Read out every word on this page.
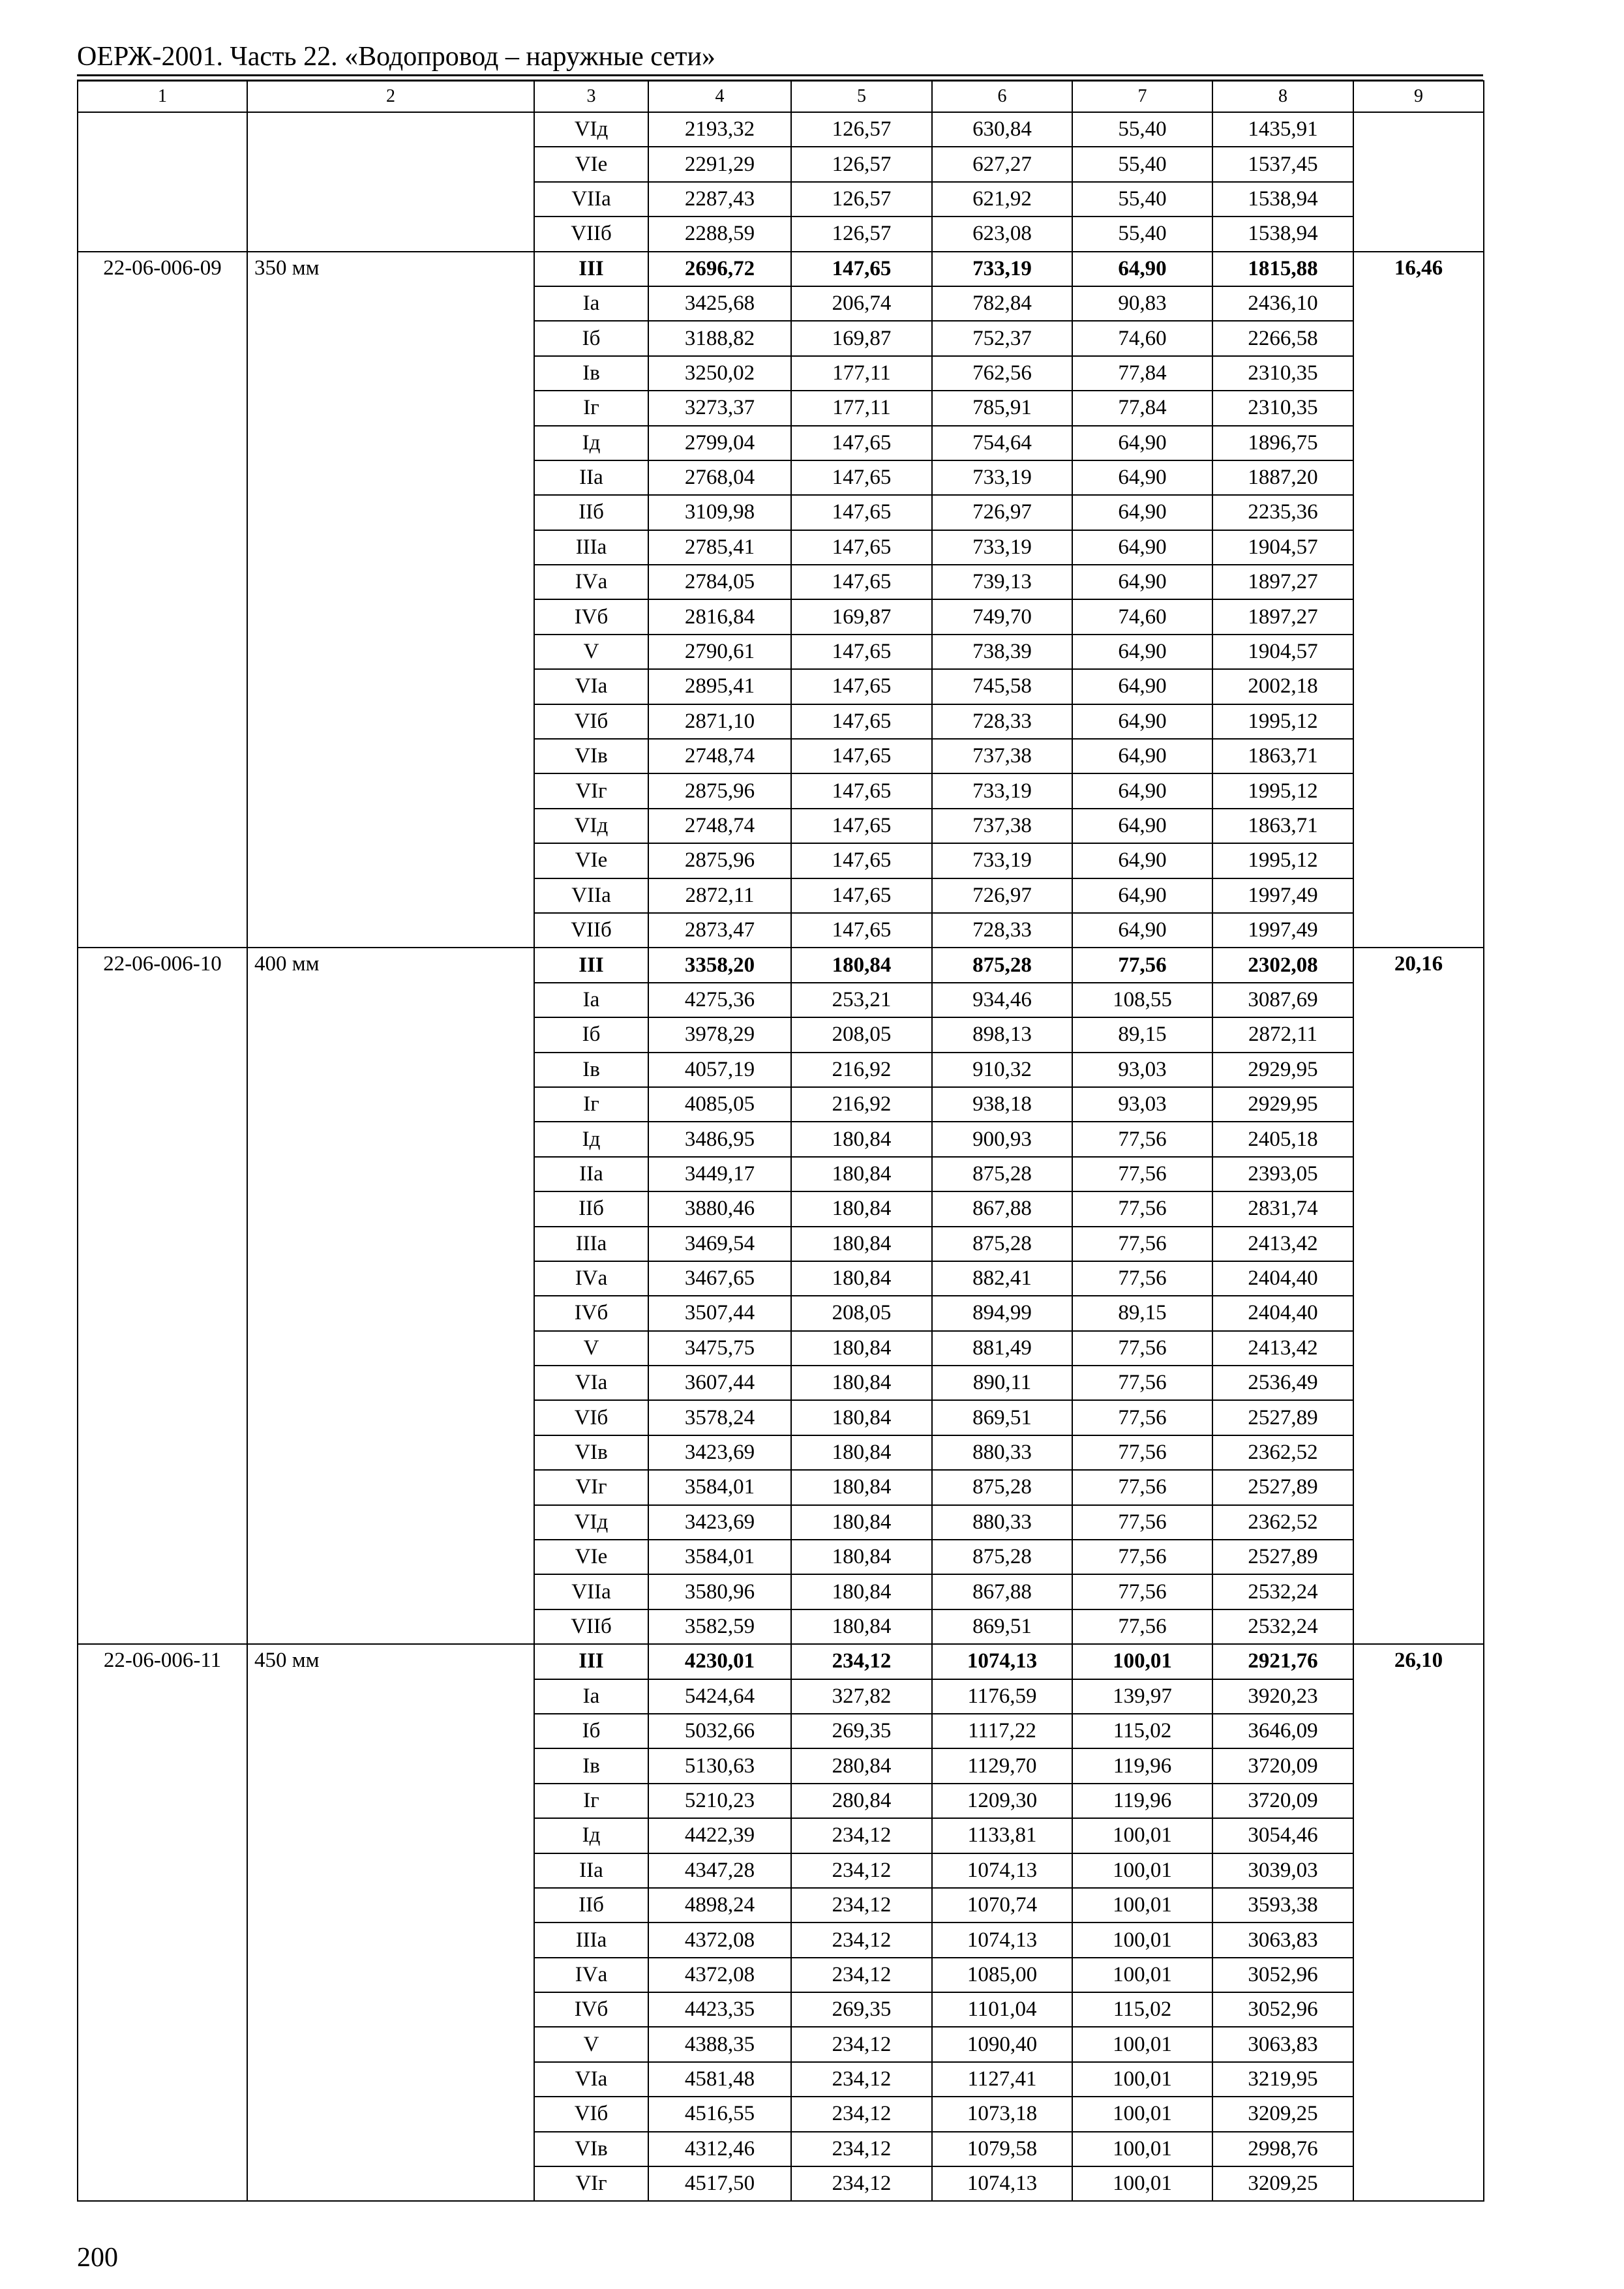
ОЕРЖ-2001. Часть 22. «Водопровод – наружные сети»
1	2	3	4	5	6	7	8	9
		VIд	2193,32	126,57	630,84	55,40	1435,91	
		VIе	2291,29	126,57	627,27	55,40	1537,45	
		VIIа	2287,43	126,57	621,92	55,40	1538,94	
		VIIб	2288,59	126,57	623,08	55,40	1538,94	
22-06-006-09	350 мм	III	2696,72	147,65	733,19	64,90	1815,88	16,46
		Iа	3425,68	206,74	782,84	90,83	2436,10	
		Iб	3188,82	169,87	752,37	74,60	2266,58	
		Iв	3250,02	177,11	762,56	77,84	2310,35	
		Iг	3273,37	177,11	785,91	77,84	2310,35	
		Iд	2799,04	147,65	754,64	64,90	1896,75	
		IIа	2768,04	147,65	733,19	64,90	1887,20	
		IIб	3109,98	147,65	726,97	64,90	2235,36	
		IIIа	2785,41	147,65	733,19	64,90	1904,57	
		IVа	2784,05	147,65	739,13	64,90	1897,27	
		IVб	2816,84	169,87	749,70	74,60	1897,27	
		V	2790,61	147,65	738,39	64,90	1904,57	
		VIа	2895,41	147,65	745,58	64,90	2002,18	
		VIб	2871,10	147,65	728,33	64,90	1995,12	
		VIв	2748,74	147,65	737,38	64,90	1863,71	
		VIг	2875,96	147,65	733,19	64,90	1995,12	
		VIд	2748,74	147,65	737,38	64,90	1863,71	
		VIе	2875,96	147,65	733,19	64,90	1995,12	
		VIIа	2872,11	147,65	726,97	64,90	1997,49	
		VIIб	2873,47	147,65	728,33	64,90	1997,49	
22-06-006-10	400 мм	III	3358,20	180,84	875,28	77,56	2302,08	20,16
		Iа	4275,36	253,21	934,46	108,55	3087,69	
		Iб	3978,29	208,05	898,13	89,15	2872,11	
		Iв	4057,19	216,92	910,32	93,03	2929,95	
		Iг	4085,05	216,92	938,18	93,03	2929,95	
		Iд	3486,95	180,84	900,93	77,56	2405,18	
		IIа	3449,17	180,84	875,28	77,56	2393,05	
		IIб	3880,46	180,84	867,88	77,56	2831,74	
		IIIа	3469,54	180,84	875,28	77,56	2413,42	
		IVа	3467,65	180,84	882,41	77,56	2404,40	
		IVб	3507,44	208,05	894,99	89,15	2404,40	
		V	3475,75	180,84	881,49	77,56	2413,42	
		VIа	3607,44	180,84	890,11	77,56	2536,49	
		VIб	3578,24	180,84	869,51	77,56	2527,89	
		VIв	3423,69	180,84	880,33	77,56	2362,52	
		VIг	3584,01	180,84	875,28	77,56	2527,89	
		VIд	3423,69	180,84	880,33	77,56	2362,52	
		VIе	3584,01	180,84	875,28	77,56	2527,89	
		VIIа	3580,96	180,84	867,88	77,56	2532,24	
		VIIб	3582,59	180,84	869,51	77,56	2532,24	
22-06-006-11	450 мм	III	4230,01	234,12	1074,13	100,01	2921,76	26,10
		Iа	5424,64	327,82	1176,59	139,97	3920,23	
		Iб	5032,66	269,35	1117,22	115,02	3646,09	
		Iв	5130,63	280,84	1129,70	119,96	3720,09	
		Iг	5210,23	280,84	1209,30	119,96	3720,09	
		Iд	4422,39	234,12	1133,81	100,01	3054,46	
		IIа	4347,28	234,12	1074,13	100,01	3039,03	
		IIб	4898,24	234,12	1070,74	100,01	3593,38	
		IIIа	4372,08	234,12	1074,13	100,01	3063,83	
		IVа	4372,08	234,12	1085,00	100,01	3052,96	
		IVб	4423,35	269,35	1101,04	115,02	3052,96	
		V	4388,35	234,12	1090,40	100,01	3063,83	
		VIа	4581,48	234,12	1127,41	100,01	3219,95	
		VIб	4516,55	234,12	1073,18	100,01	3209,25	
		VIв	4312,46	234,12	1079,58	100,01	2998,76	
		VIг	4517,50	234,12	1074,13	100,01	3209,25	
200
